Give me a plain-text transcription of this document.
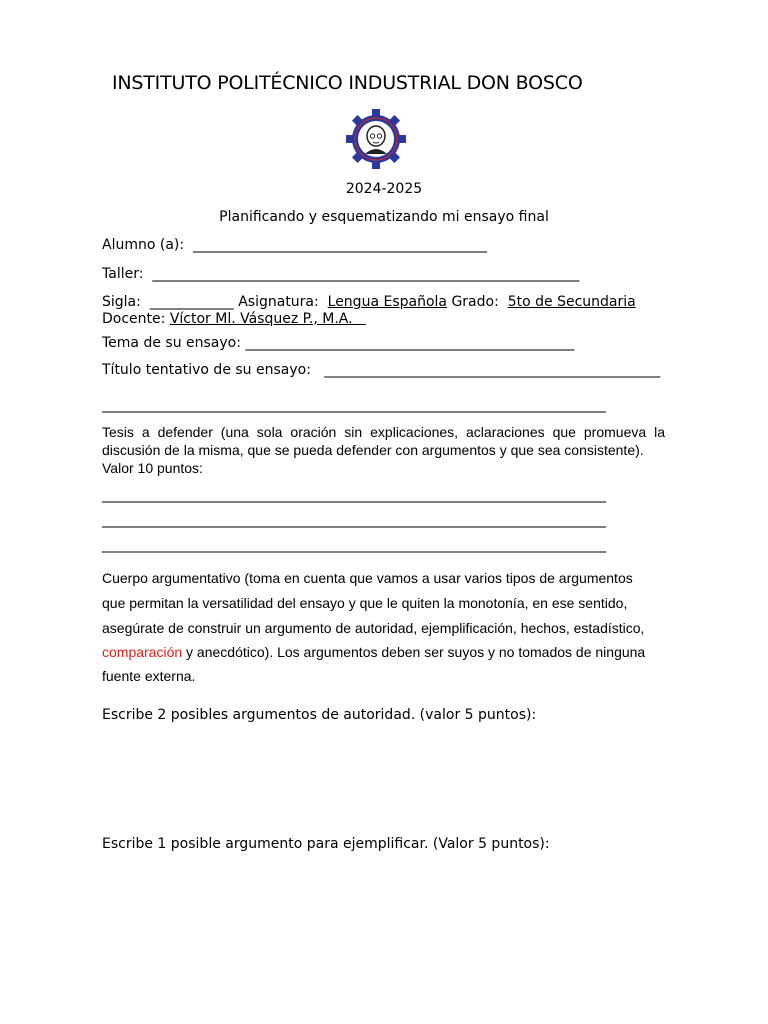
INSTITUTO POLITÉCNICO INDUSTRIAL DON BOSCO
2024-2025
Planificando y esquematizando mi ensayo final
Alumno (a): __________________________________________
Taller: _____________________________________________________________
Sigla: ____________ Asignatura: Lengua Española Grado: 5to de Secundaria
Docente: Víctor Ml. Vásquez P., M.A.
Tema de su ensayo: _______________________________________________
Título tentativo de su ensayo: ________________________________________________
________________________________________________________________________
Tesis a defender (una sola oración sin explicaciones, aclaraciones que promueva la discusión de la misma, que se pueda defender con argumentos y que sea consistente).
Valor 10 puntos:
________________________________________________________________________
________________________________________________________________________
________________________________________________________________________
Cuerpo argumentativo (toma en cuenta que vamos a usar varios tipos de argumentos
que permitan la versatilidad del ensayo y que le quiten la monotonía, en ese sentido,
asegúrate de construir un argumento de autoridad, ejemplificación, hechos, estadístico,
comparación y anecdótico). Los argumentos deben ser suyos y no tomados de ninguna
fuente externa.
Escribe 2 posibles argumentos de autoridad. (valor 5 puntos):
Escribe 1 posible argumento para ejemplificar. (Valor 5 puntos):
